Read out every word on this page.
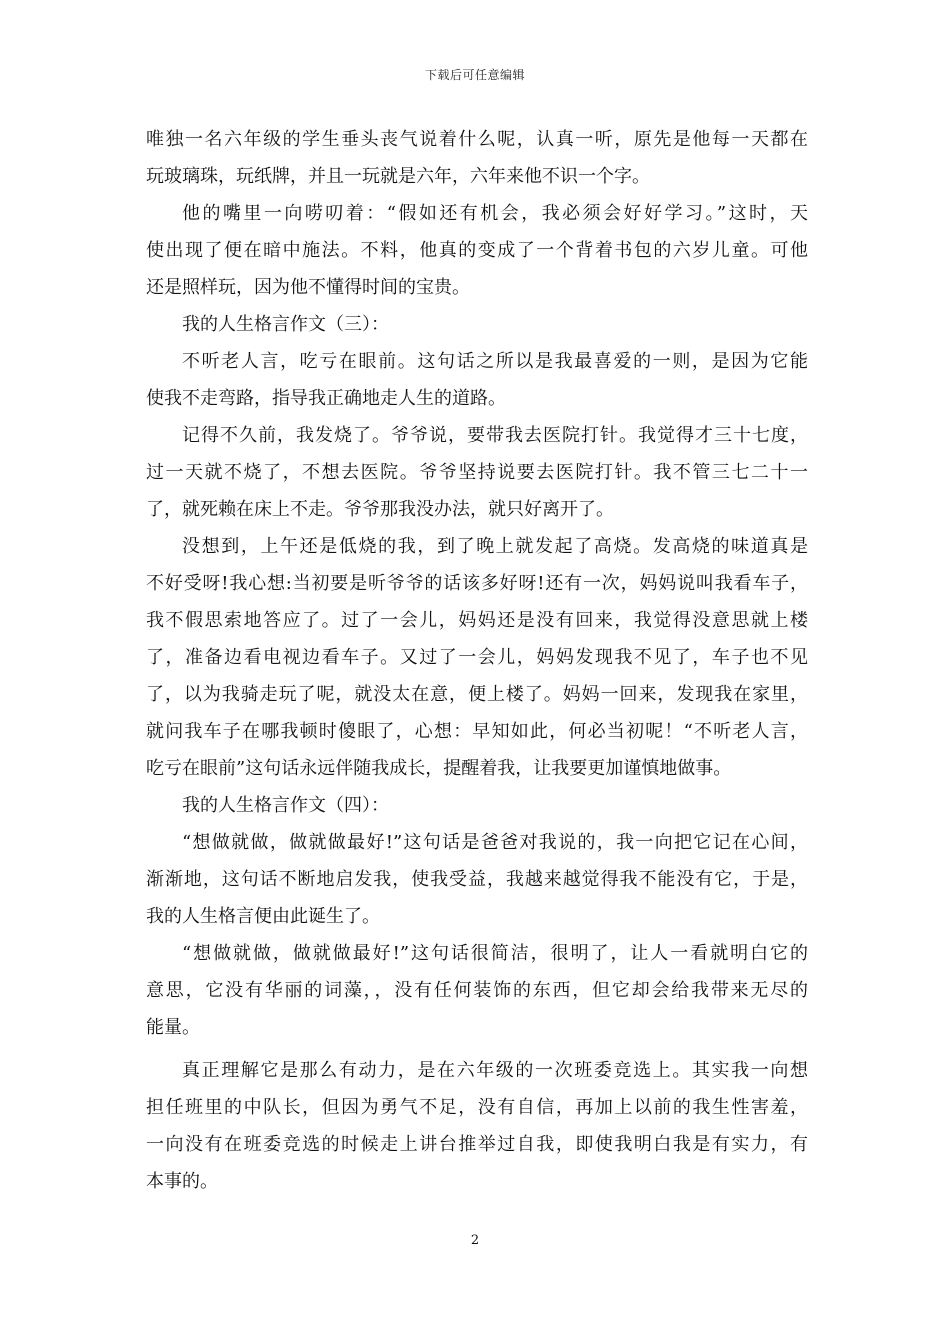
下载后可任意编辑
唯独一名六年级的学生垂头丧气说着什么呢，认真一听，原先是他每一天都在
玩玻璃珠，玩纸牌，并且一玩就是六年，六年来他不识一个字。
他的嘴里一向唠叨着：“假如还有机会，我必须会好好学习。”这时，天
使出现了便在暗中施法。不料，他真的变成了一个背着书包的六岁儿童。可他
还是照样玩，因为他不懂得时间的宝贵。
我的人生格言作文（三）：
不听老人言，吃亏在眼前。这句话之所以是我最喜爱的一则，是因为它能
使我不走弯路，指导我正确地走人生的道路。
记得不久前，我发烧了。爷爷说，要带我去医院打针。我觉得才三十七度，
过一天就不烧了，不想去医院。爷爷坚持说要去医院打针。我不管三七二十一
了，就死赖在床上不走。爷爷那我没办法，就只好离开了。
没想到，上午还是低烧的我，到了晚上就发起了高烧。发高烧的味道真是
不好受呀!我心想:当初要是听爷爷的话该多好呀!还有一次，妈妈说叫我看车子，
我不假思索地答应了。过了一会儿，妈妈还是没有回来，我觉得没意思就上楼
了，准备边看电视边看车子。又过了一会儿，妈妈发现我不见了，车子也不见
了，以为我骑走玩了呢，就没太在意，便上楼了。妈妈一回来，发现我在家里，
就问我车子在哪我顿时傻眼了，心想：早知如此，何必当初呢！“不听老人言，
吃亏在眼前”这句话永远伴随我成长，提醒着我，让我要更加谨慎地做事。
我的人生格言作文（四）：
“想做就做，做就做最好!”这句话是爸爸对我说的，我一向把它记在心间，
渐渐地，这句话不断地启发我，使我受益，我越来越觉得我不能没有它，于是，
我的人生格言便由此诞生了。
“想做就做，做就做最好!”这句话很简洁，很明了，让人一看就明白它的
意思，它没有华丽的词藻，，没有任何装饰的东西，但它却会给我带来无尽的
能量。
真正理解它是那么有动力，是在六年级的一次班委竞选上。其实我一向想
担任班里的中队长，但因为勇气不足，没有自信，再加上以前的我生性害羞，
一向没有在班委竞选的时候走上讲台推举过自我，即使我明白我是有实力，有
本事的。
2
